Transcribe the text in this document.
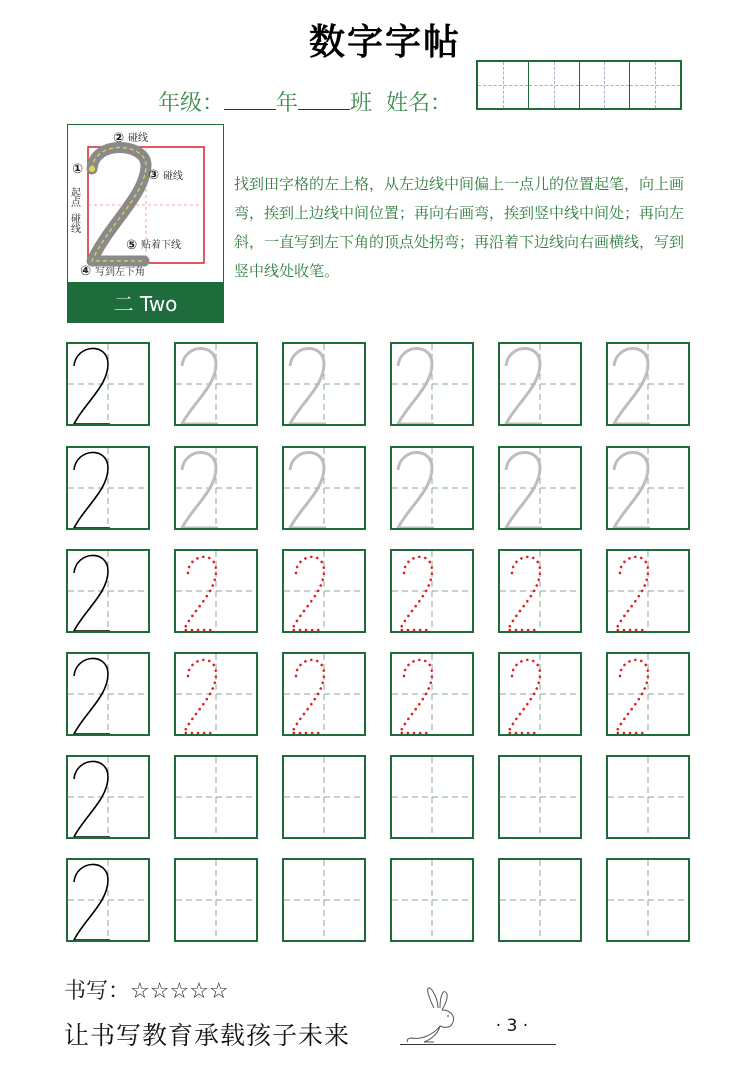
数字字帖
年级： 年 班 姓名：
② 碰线
①
起点
碰线
③ 碰线
⑤ 贴着下线
④ 写到左下角
二 Two
找到田字格的左上格，从左边线中间偏上一点儿的位置起笔，向上画弯，挨到上边线中间位置；再向右画弯，挨到竖中线中间处；再向左斜，一直写到左下角的顶点处拐弯；再沿着下边线向右画横线，写到竖中线处收笔。
书写：☆☆☆☆☆
让书写教育承载孩子未来	· 3 ·
